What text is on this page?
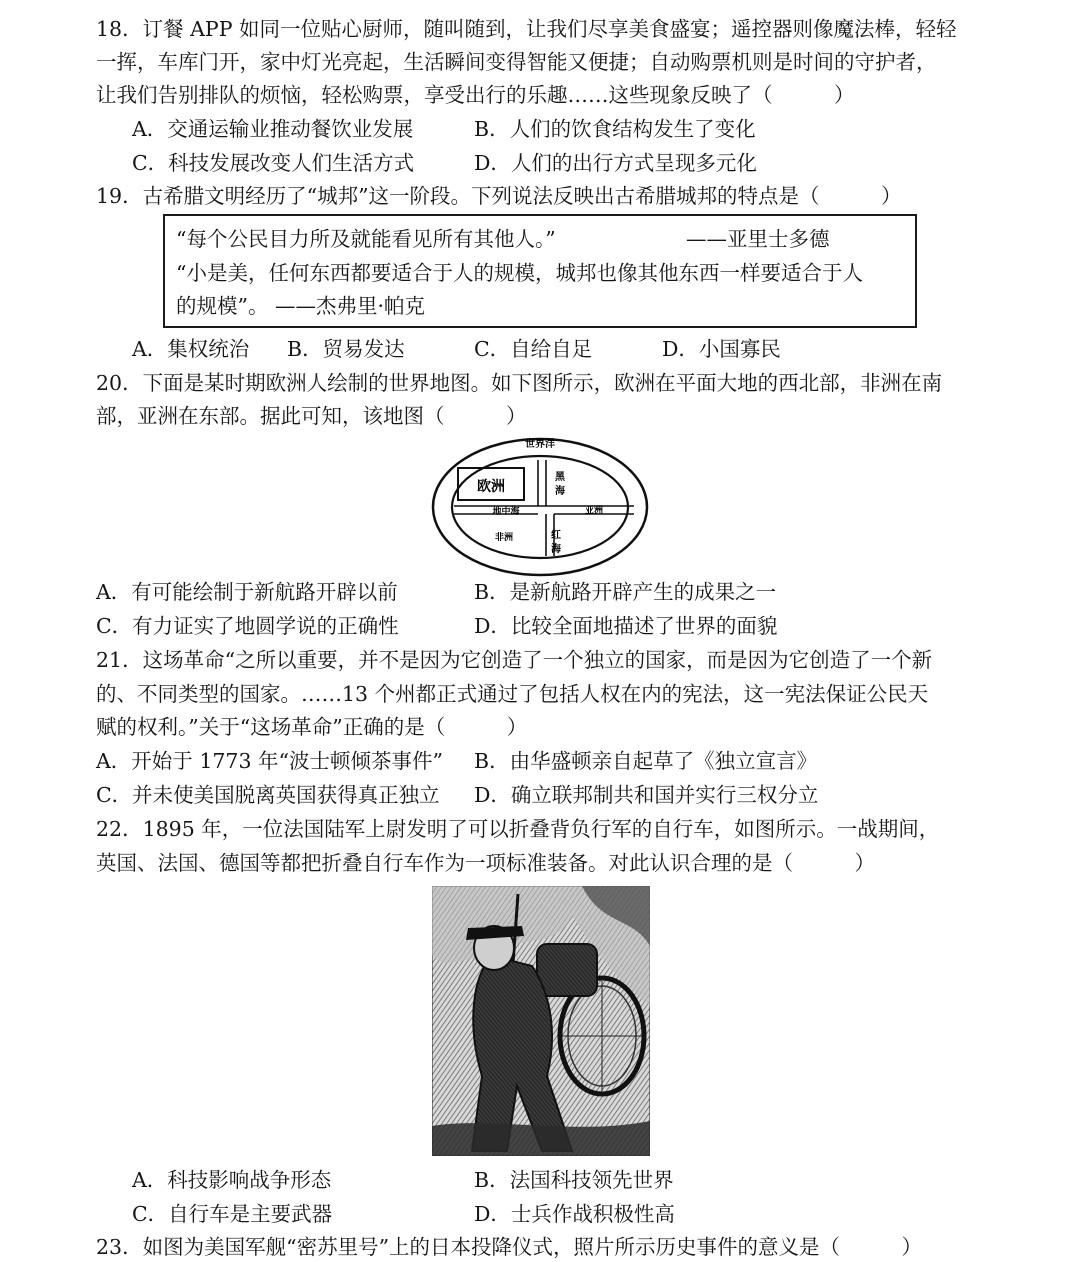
18．订餐 APP 如同一位贴心厨师，随叫随到，让我们尽享美食盛宴；遥控器则像魔法棒，轻轻
一挥，车库门开，家中灯光亮起，生活瞬间变得智能又便捷；自动购票机则是时间的守护者，
让我们告别排队的烦恼，轻松购票，享受出行的乐趣……这些现象反映了（　　　）
A．交通运输业推动餐饮业发展	B．人们的饮食结构发生了变化
C．科技发展改变人们生活方式	D．人们的出行方式呈现多元化
19．古希腊文明经历了“城邦”这一阶段。下列说法反映出古希腊城邦的特点是（　　　）
“每个公民目力所及就能看见所有其他人。”	——亚里士多德
“小是美，任何东西都要适合于人的规模，城邦也像其他东西一样要适合于人
的规模”。 ——杰弗里·帕克
A．集权统治 B．贸易发达	C．自给自足	D．小国寡民
20．下面是某时期欧洲人绘制的世界地图。如下图所示，欧洲在平面大地的西北部，非洲在南
部，亚洲在东部。据此可知，该地图（　　　）
世界洋
欧洲
黑
海
亚洲
地中海
非洲	红
海
A．有可能绘制于新航路开辟以前	B．是新航路开辟产生的成果之一
C．有力证实了地圆学说的正确性	D．比较全面地描述了世界的面貌
21．这场革命“之所以重要，并不是因为它创造了一个独立的国家，而是因为它创造了一个新
的、不同类型的国家。……13 个州都正式通过了包括人权在内的宪法，这一宪法保证公民天
赋的权利。”关于“这场革命”正确的是（　　　）
A．开始于 1773 年“波士顿倾茶事件” B．由华盛顿亲自起草了《独立宣言》
C．并未使美国脱离英国获得真正独立 D．确立联邦制共和国并实行三权分立
22．1895 年，一位法国陆军上尉发明了可以折叠背负行军的自行车，如图所示。一战期间，
英国、法国、德国等都把折叠自行车作为一项标准装备。对此认识合理的是（　　　）
A．科技影响战争形态	B．法国科技领先世界
C．自行车是主要武器	D．士兵作战积极性高
23．如图为美国军舰“密苏里号”上的日本投降仪式，照片所示历史事件的意义是（　　　）
